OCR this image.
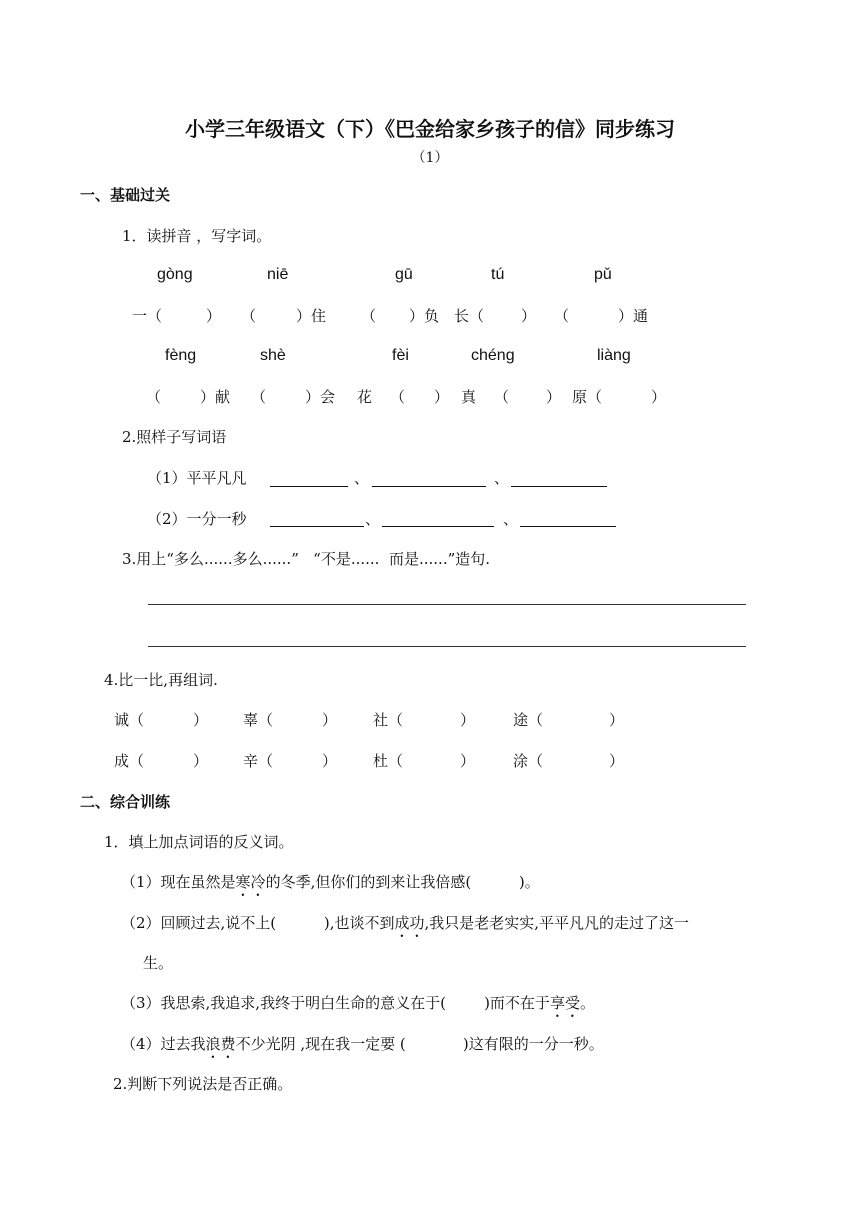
小学三年级语文（下）《巴金给家乡孩子的信》同步练习
（1）
一、基础过关
1．读拼音 ，写字词。
gòng	niē	gū	tú	pǔ
一（	） （	）住 （ ）负 长（ ） （	）通
fèng	shè	fèi	chéng	liàng
（	）献 （	）会 花 （ ） 真 （ ） 原（	）
2.照样子写词语
（1）平平凡凡	、	、
（2）一分一秒	、	、
3.用上“多么......多么......”   “不是......  而是......”造句.
4.比一比,再组词.
诚（	） 辜（	） 社（	）	途（	）
成（	） 辛（	） 杜（	）	涂（	）
二、综合训练
1．填上加点词语的反义词。
（1）现在虽然是寒冷的冬季,但你们的到来让我倍感(          )。
（2）回顾过去,说不上(          ),也谈不到成功,我只是老老实实,平平凡凡的走过了这一
生。
（3）我思索,我追求,我终于明白生命的意义在于(        )而不在于享受。
（4）过去我浪费不少光阴 ,现在我一定要 (            )这有限的一分一秒。
2.判断下列说法是否正确。
